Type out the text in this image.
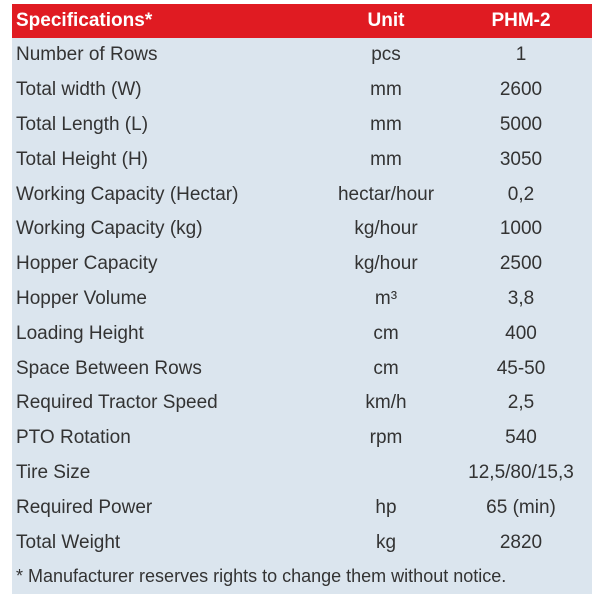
Specifications*	Unit	PHM-2
Number of Rows	pcs	1
Total width (W)	mm	2600
Total Length (L)	mm	5000
Total Height (H)	mm	3050
Working Capacity (Hectar)	hectar/hour	0,2
Working Capacity (kg)	kg/hour	1000
Hopper Capacity	kg/hour	2500
Hopper Volume	m³	3,8
Loading Height	cm	400
Space Between Rows	cm	45-50
Required Tractor Speed	km/h	2,5
PTO Rotation	rpm	540
Tire Size		12,5/80/15,3
Required Power	hp	65 (min)
Total Weight	kg	2820
* Manufacturer reserves rights to change them without notice.
